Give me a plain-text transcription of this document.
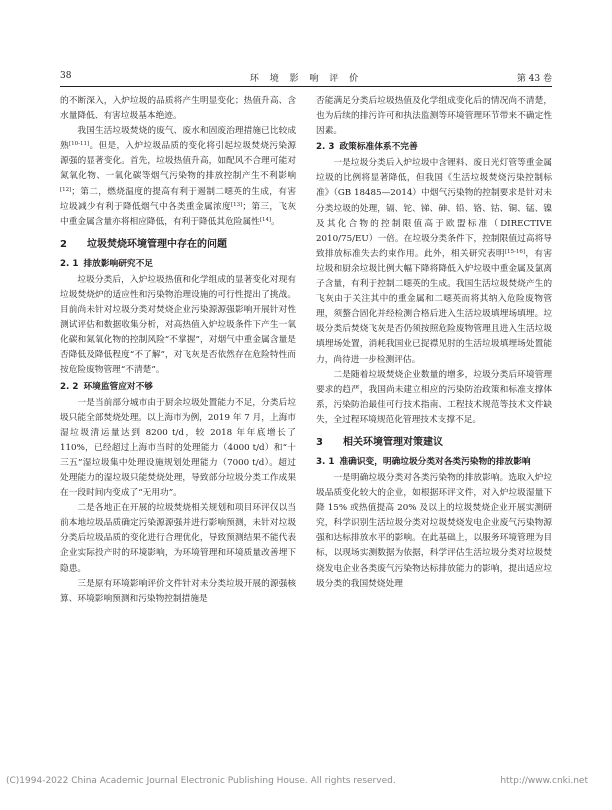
38	环 境 影 响 评 价	第 43 卷

的不断深入，入炉垃圾的品质将产生明显变化；热值升高、含水量降低、有害垃圾基本绝迹。

我国生活垃圾焚烧的废气、废水和固废治理措施已比较成熟[10-11]。但是，入炉垃圾品质的变化将引起垃圾焚烧污染源源强的显著变化。首先，垃圾热值升高，如配风不合理可能对氮氧化物、一氧化碳等烟气污染物的排放控制产生不利影响[12]；第二，燃烧温度的提高有利于遏制二噁英的生成，有害垃圾减少有利于降低烟气中各类重金属浓度[13]；第三，飞灰中重金属含量亦将相应降低，有利于降低其危险属性[14]。

2 垃圾焚烧环境管理中存在的问题
2. 1 排放影响研究不足

垃圾分类后，入炉垃圾热值和化学组成的显著变化对现有垃圾焚烧炉的适应性和污染物治理设施的可行性提出了挑战。目前尚未针对垃圾分类对焚烧企业污染源源强影响开展针对性测试评估和数据收集分析，对高热值入炉垃圾条件下产生一氧化碳和氮氧化物的控制风险“不掌握”，对烟气中重金属含量是否降低及降低程度“不了解”，对飞灰是否依然存在危险特性而按危险废物管理“不清楚”。

2. 2 环境监管应对不够

一是当前部分城市由于厨余垃圾处置能力不足，分类后垃圾只能全部焚烧处理。以上海市为例，2019 年 7 月，上海市湿垃圾清运量达到 8200 t/d，较 2018 年年底增长了 110%，已经超过上海市当时的处理能力（4000 t/d）和“十三五”湿垃圾集中处理设施规划处理能力（7000 t/d）。超过处理能力的湿垃圾只能焚烧处理，导致部分垃圾分类工作成果在一段时间内变成了“无用功”。

二是各地正在开展的垃圾焚烧相关规划和项目环评仅以当前本地垃圾品质确定污染源源强并进行影响预测，未针对垃圾分类后垃圾品质的变化进行合理优化，导致预测结果不能代表企业实际投产时的环境影响，为环境管理和环境质量改善埋下隐患。

三是原有环境影响评价文件针对未分类垃圾开展的源强核算、环境影响预测和污染物控制措施是

否能满足分类后垃圾热值及化学组成变化后的情况尚不清楚，也为后续的排污许可和执法监测等环境管理环节带来不确定性因素。

2. 3 政策标准体系不完善

一是垃圾分类后入炉垃圾中含锂料、废日光灯管等重金属垃圾的比例将显著降低，但我国《生活垃圾焚烧污染控制标准》（GB 18485—2014）中烟气污染物的控制要求是针对未分类垃圾的处理，镉、铊、锑、砷、铅、铬、钴、铜、锰、镍及其化合物的控制限值高于欧盟标准（DIRECTIVE 2010/75/EU）一倍。在垃圾分类条件下，控制限值过高将导致排放标准失去约束作用。此外，相关研究表明[15-16]，有害垃圾和厨余垃圾比例大幅下降将降低入炉垃圾中重金属及氯离子含量，有利于控制二噁英的生成。我国生活垃圾焚烧产生的飞灰由于关注其中的重金属和二噁英而将其纳入危险废物管理，须螯合固化并经检测合格后进入生活垃圾填埋场填埋。垃圾分类后焚烧飞灰是否仍须按照危险废物管理且进入生活垃圾填埋场处置，消耗我国业已捉襟见肘的生活垃圾填埋场处置能力，尚待进一步检测评估。

二是随着垃圾焚烧企业数量的增多，垃圾分类后环境管理要求的趋严，我国尚未建立相应的污染防治政策和标准支撑体系，污染防治最佳可行技术指南、工程技术规范等技术文件缺失，全过程环境规范化管理技术支撑不足。

3 相关环境管理对策建议
3. 1 准确识变，明确垃圾分类对各类污染物的排放影响

一是明确垃圾分类对各类污染物的排放影响。选取入炉垃圾品质变化较大的企业，如根据环评文件，对入炉垃圾湿量下降 15% 或热值提高 20% 及以上的垃圾焚烧企业开展实测研究，科学识别生活垃圾分类对垃圾焚烧发电企业废气污染物源强和达标排放水平的影响。在此基础上，以服务环境管理为目标，以现场实测数据为依据，科学评估生活垃圾分类对垃圾焚烧发电企业各类废气污染物达标排放能力的影响，提出适应垃圾分类的我国焚烧处理

(C)1994-2022 China Academic Journal Electronic Publishing House. All rights reserved.	http://www.cnki.net
